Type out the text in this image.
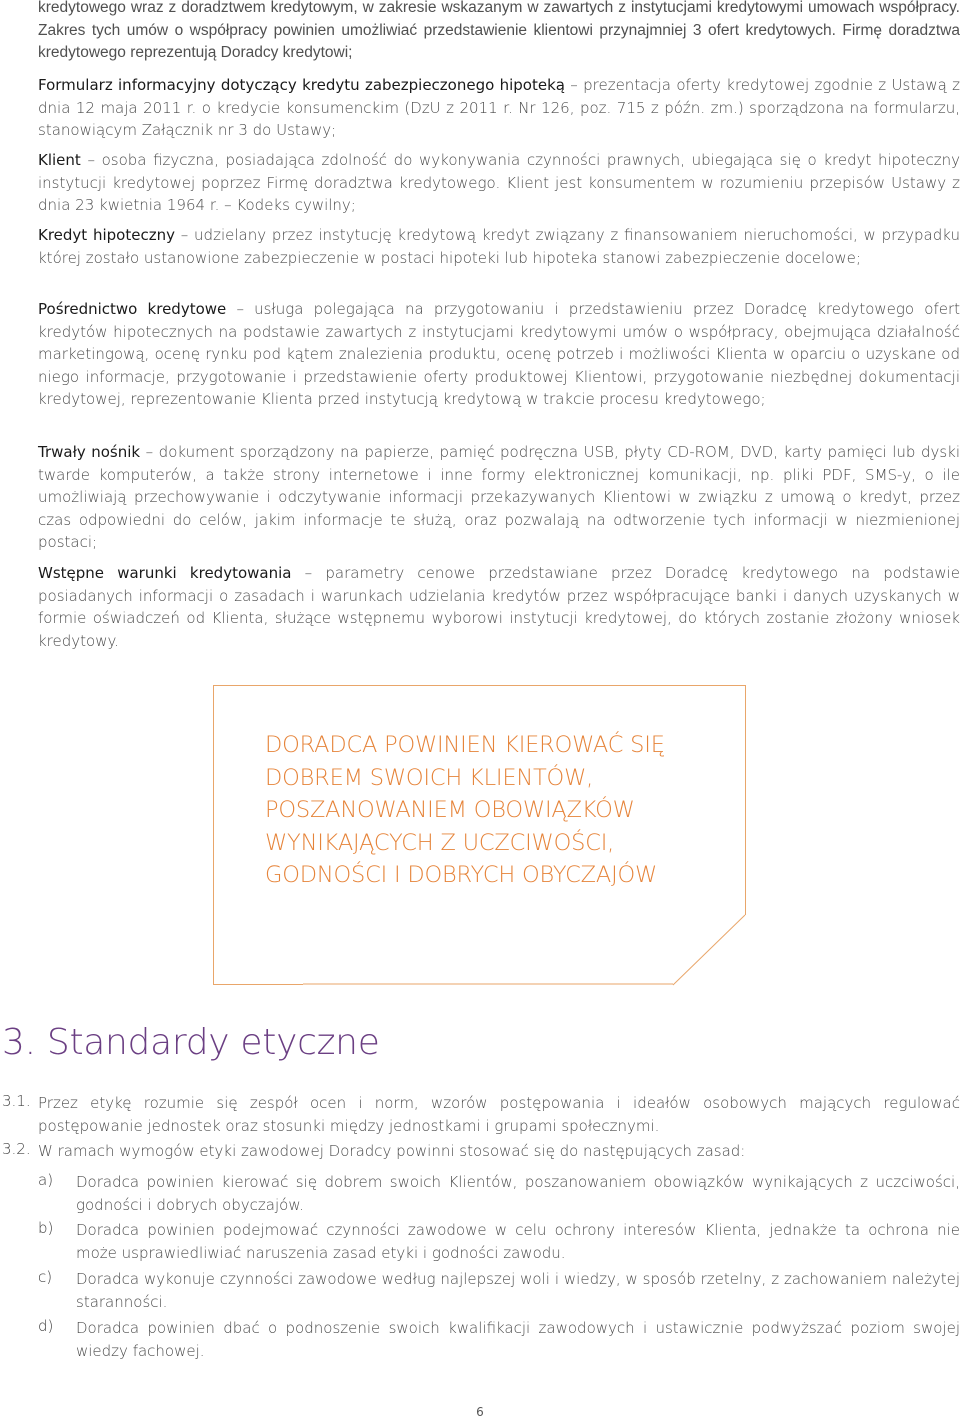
kredytowego wraz z doradztwem kredytowym, w zakresie wskazanym w zawartych z instytucjami kredytowymi umowach współpracy. Zakres tych umów o współpracy powinien umożliwiać przedstawienie klientowi przynajmniej 3 ofert kredytowych. Firmę doradztwa kredytowego reprezentują Doradcy kredytowi;
Formularz informacyjny dotyczący kredytu zabezpieczonego hipoteką – prezentacja oferty kredytowej zgodnie z Ustawą z dnia 12 maja 2011 r. o kredycie konsumenckim (DzU z 2011 r. Nr 126, poz. 715 z późn. zm.) sporządzona na formularzu, stanowiącym Załącznik nr 3 do Ustawy;
Klient – osoba fizyczna, posiadająca zdolność do wykonywania czynności prawnych, ubiegająca się o kredyt hipoteczny instytucji kredytowej poprzez Firmę doradztwa kredytowego. Klient jest konsumentem w rozumieniu przepisów Ustawy z dnia 23 kwietnia 1964 r. – Kodeks cywilny;
Kredyt hipoteczny – udzielany przez instytucję kredytową kredyt związany z finansowaniem nieruchomości, w przypadku której zostało ustanowione zabezpieczenie w postaci hipoteki lub hipoteka stanowi zabezpieczenie docelowe;
Pośrednictwo kredytowe – usługa polegająca na przygotowaniu i przedstawieniu przez Doradcę kredytowego ofert kredytów hipotecznych na podstawie zawartych z instytucjami kredytowymi umów o współpracy, obejmująca działalność marketingową, ocenę rynku pod kątem znalezienia produktu, ocenę potrzeb i możliwości Klienta w oparciu o uzyskane od niego informacje, przygotowanie i przedstawienie oferty produktowej Klientowi, przygotowanie niezbędnej dokumentacji kredytowej, reprezentowanie Klienta przed instytucją kredytową w trakcie procesu kredytowego;
Trwały nośnik – dokument sporządzony na papierze, pamięć podręczna USB, płyty CD-ROM, DVD, karty pamięci lub dyski twarde komputerów, a także strony internetowe i inne formy elektronicznej komunikacji, np. pliki PDF, SMS-y, o ile umożliwiają przechowywanie i odczytywanie informacji przekazywanych Klientowi w związku z umową o kredyt, przez czas odpowiedni do celów, jakim informacje te służą, oraz pozwalają na odtworzenie tych informacji w niezmienionej postaci;
Wstępne warunki kredytowania – parametry cenowe przedstawiane przez Doradcę kredytowego na podstawie posiadanych informacji o zasadach i warunkach udzielania kredytów przez współpracujące banki i danych uzyskanych w formie oświadczeń od Klienta, służące wstępnemu wyborowi instytucji kredytowej, do których zostanie złożony wniosek kredytowy.
DORADCA POWINIEN KIEROWAĆ SIĘ
DOBREM SWOICH KLIENTÓW,
POSZANOWANIEM OBOWIĄZKÓW
WYNIKAJĄCYCH Z UCZCIWOŚCI,
GODNOŚCI I DOBRYCH OBYCZAJÓW
3. Standardy etyczne
3.1. Przez etykę rozumie się zespół ocen i norm, wzorów postępowania i ideałów osobowych mających regulować postępowanie jednostek oraz stosunki między jednostkami i grupami społecznymi.
3.2. W ramach wymogów etyki zawodowej Doradcy powinni stosować się do następujących zasad:
a) Doradca powinien kierować się dobrem swoich Klientów, poszanowaniem obowiązków wynikających z uczciwości, godności i dobrych obyczajów.
b) Doradca powinien podejmować czynności zawodowe w celu ochrony interesów Klienta, jednakże ta ochrona nie może usprawiedliwiać naruszenia zasad etyki i godności zawodu.
c) Doradca wykonuje czynności zawodowe według najlepszej woli i wiedzy, w sposób rzetelny, z zachowaniem należytej staranności.
d) Doradca powinien dbać o podnoszenie swoich kwalifikacji zawodowych i ustawicznie podwyższać poziom swojej wiedzy fachowej.
6
